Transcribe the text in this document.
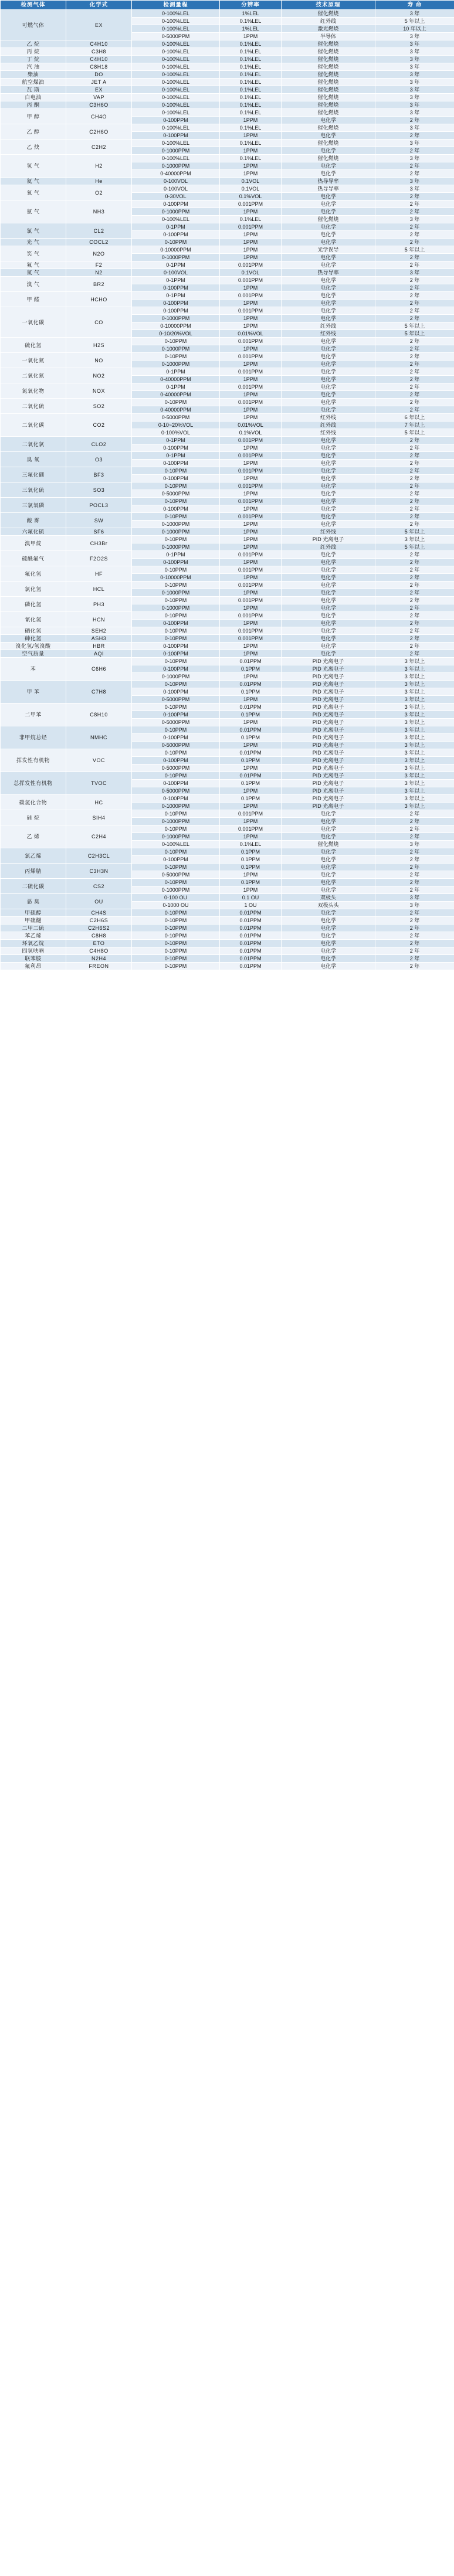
检测气体	化学式	检测量程	分辨率	技术原理	寿 命
可燃气体	EX	0-100%LEL	1%LEL	催化燃烧	3 年
		0-100%LEL	0.1%LEL	红外线	5 年以上
		0-100%LEL	1%LEL	激光燃烧	10 年以上
		0-5000PPM	1PPM	半导体	3 年
乙 烷	C4H10	0-100%LEL	0.1%LEL	催化燃烧	3 年
丙 烷	C3H8	0-100%LEL	0.1%LEL	催化燃烧	3 年
丁 烷	C4H10	0-100%LEL	0.1%LEL	催化燃烧	3 年
汽 油	C8H18	0-100%LEL	0.1%LEL	催化燃烧	3 年
柴油	DO	0-100%LEL	0.1%LEL	催化燃烧	3 年
航空煤油	JET A	0-100%LEL	0.1%LEL	催化燃烧	3 年
瓦 斯	EX	0-100%LEL	0.1%LEL	催化燃烧	3 年
白电油	VAP	0-100%LEL	0.1%LEL	催化燃烧	3 年
丙 酮	C3H6O	0-100%LEL	0.1%LEL	催化燃烧	3 年
甲 醇	CH4O	0-100%LEL	0.1%LEL	催化燃烧	3 年
		0-100PPM	1PPM	电化学	2 年
乙 醇	C2H6O	0-100%LEL	0.1%LEL	催化燃烧	3 年
		0-100PPM	1PPM	电化学	2 年
乙 炔	C2H2	0-100%LEL	0.1%LEL	催化燃烧	3 年
		0-1000PPM	1PPM	电化学	2 年
氢 气	H2	0-100%LEL	0.1%LEL	催化燃烧	3 年
		0-1000PPM	1PPM	电化学	2 年
		0-40000PPM	1PPM	电化学	2 年
氦 气	He	0-100VOL	0.1VOL	热导导率	3 年
氧 气	O2	0-100VOL	0.1VOL	热导导率	3 年
		0-30VOL	0.1%VOL	电化学	2 年
氨 气	NH3	0-100PPM	0.001PPM	电化学	2 年
		0-1000PPM	1PPM	电化学	2 年
		0-100%LEL	0.1%LEL	催化燃烧	3 年
氯 气	CL2	0-1PPM	0.001PPM	电化学	2 年
		0-100PPM	1PPM	电化学	2 年
光 气	COCL2	0-10PPM	1PPM	电化学	2 年
笑 气	N2O	0-10000PPM	1PPM	光学误导	5 年以上
		0-1000PPM	1PPM	电化学	2 年
氟 气	F2	0-1PPM	0.001PPM	电化学	2 年
氮 气	N2	0-100VOL	0.1VOL	热导导率	3 年
溴 气	BR2	0-1PPM	0.001PPM	电化学	2 年
		0-100PPM	1PPM	电化学	2 年
甲 醛	HCHO	0-1PPM	0.001PPM	电化学	2 年
		0-100PPM	1PPM	电化学	2 年
一氧化碳	CO	0-100PPM	0.001PPM	电化学	2 年
		0-1000PPM	1PPM	电化学	2 年
		0-10000PPM	1PPM	红外线	5 年以上
		0-10/20%VOL	0.01%VOL	红外线	5 年以上
硫化氢	H2S	0-10PPM	0.001PPM	电化学	2 年
		0-1000PPM	1PPM	电化学	2 年
一氧化氮	NO	0-10PPM	0.001PPM	电化学	2 年
		0-1000PPM	1PPM	电化学	2 年
二氧化氮	NO2	0-1PPM	0.001PPM	电化学	2 年
		0-40000PPM	1PPM	电化学	2 年
氮氧化物	NOX	0-1PPM	0.001PPM	电化学	2 年
		0-40000PPM	1PPM	电化学	2 年
二氧化硫	SO2	0-10PPM	0.001PPM	电化学	2 年
		0-40000PPM	1PPM	电化学	2 年
二氧化碳	CO2	0-5000PPM	1PPM	红外线	6 年以上
		0-10~20%VOL	0.01%VOL	红外线	7 年以上
		0-100%VOL	0.1%VOL	红外线	5 年以上
二氧化氯	CLO2	0-1PPM	0.001PPM	电化学	2 年
		0-100PPM	1PPM	电化学	2 年
臭 氧	O3	0-1PPM	0.001PPM	电化学	2 年
		0-100PPM	1PPM	电化学	2 年
三氟化硼	BF3	0-10PPM	0.001PPM	电化学	2 年
		0-100PPM	1PPM	电化学	2 年
三氧化硫	SO3	0-10PPM	0.001PPM	电化学	2 年
		0-5000PPM	1PPM	电化学	2 年
三氯氧磷	POCL3	0-10PPM	0.001PPM	电化学	2 年
		0-100PPM	1PPM	电化学	2 年
酸 雾	SW	0-10PPM	0.001PPM	电化学	2 年
		0-1000PPM	1PPM	电化学	2 年
六氟化硫	SF6	0-1000PPM	1PPM	红外线	5 年以上
溴甲烷	CH3Br	0-10PPM	1PPM	PID 光离电子	3 年以上
		0-1000PPM	1PPM	红外线	5 年以上
硫酰氟气	F2O2S	0-1PPM	0.001PPM	电化学	2 年
		0-100PPM	1PPM	电化学	2 年
氟化氢	HF	0-10PPM	0.001PPM	电化学	2 年
		0-10000PPM	1PPM	电化学	2 年
氯化氢	HCL	0-10PPM	0.001PPM	电化学	2 年
		0-1000PPM	1PPM	电化学	2 年
磷化氢	PH3	0-10PPM	0.001PPM	电化学	2 年
		0-1000PPM	1PPM	电化学	2 年
氰化氢	HCN	0-10PPM	0.001PPM	电化学	2 年
		0-100PPM	1PPM	电化学	2 年
硒化氢	SEH2	0-10PPM	0.001PPM	电化学	2 年
砷化氢	ASH3	0-10PPM	0.001PPM	电化学	2 年
溴化氢/氢溴酸	HBR	0-100PPM	1PPM	电化学	2 年
空气质量	AQI	0-100PPM	1PPM	电化学	2 年
苯	C6H6	0-10PPM	0.01PPM	PID 光离电子	3 年以上
		0-100PPM	0.1PPM	PID 光离电子	3 年以上
		0-1000PPM	1PPM	PID 光离电子	3 年以上
甲 苯	C7H8	0-10PPM	0.01PPM	PID 光离电子	3 年以上
		0-100PPM	0.1PPM	PID 光离电子	3 年以上
		0-5000PPM	1PPM	PID 光离电子	3 年以上
二甲苯	C8H10	0-10PPM	0.01PPM	PID 光离电子	3 年以上
		0-100PPM	0.1PPM	PID 光离电子	3 年以上
		0-5000PPM	1PPM	PID 光离电子	3 年以上
非甲烷总烃	NMHC	0-10PPM	0.01PPM	PID 光离电子	3 年以上
		0-100PPM	0.1PPM	PID 光离电子	3 年以上
		0-5000PPM	1PPM	PID 光离电子	3 年以上
挥发性有机物	VOC	0-10PPM	0.01PPM	PID 光离电子	3 年以上
		0-100PPM	0.1PPM	PID 光离电子	3 年以上
		0-5000PPM	1PPM	PID 光离电子	3 年以上
总挥发性有机物	TVOC	0-10PPM	0.01PPM	PID 光离电子	3 年以上
		0-100PPM	0.1PPM	PID 光离电子	3 年以上
		0-5000PPM	1PPM	PID 光离电子	3 年以上
碳氢化合物	HC	0-100PPM	0.1PPM	PID 光离电子	3 年以上
		0-1000PPM	1PPM	PID 光离电子	3 年以上
硅 烷	SIH4	0-10PPM	0.001PPM	电化学	2 年
		0-1000PPM	1PPM	电化学	2 年
乙 烯	C2H4	0-10PPM	0.001PPM	电化学	2 年
		0-1000PPM	1PPM	电化学	2 年
		0-100%LEL	0.1%LEL	催化燃烧	3 年
氯乙烯	C2H3CL	0-10PPM	0.1PPM	电化学	2 年
		0-100PPM	0.1PPM	电化学	2 年
丙烯腈	C3H3N	0-10PPM	0.1PPM	电化学	2 年
		0-5000PPM	1PPM	电化学	2 年
二硫化碳	CS2	0-10PPM	0.1PPM	电化学	2 年
		0-1000PPM	1PPM	电化学	2 年
恶 臭	OU	0-100 OU	0.1 OU	双极头	3 年
		0-1000 OU	1 OU	双极头头	3 年
甲硫醇	CH4S	0-10PPM	0.01PPM	电化学	2 年
甲硫醚	C2H6S	0-10PPM	0.01PPM	电化学	2 年
二甲二硫	C2H6S2	0-10PPM	0.01PPM	电化学	2 年
苯乙烯	C8H8	0-10PPM	0.01PPM	电化学	2 年
环氧乙烷	ETO	0-10PPM	0.01PPM	电化学	2 年
四氢呋喃	C4H8O	0-10PPM	0.01PPM	电化学	2 年
联苯胺	N2H4	0-10PPM	0.01PPM	电化学	2 年
氟利昂	FREON	0-10PPM	0.01PPM	电化学	2 年
